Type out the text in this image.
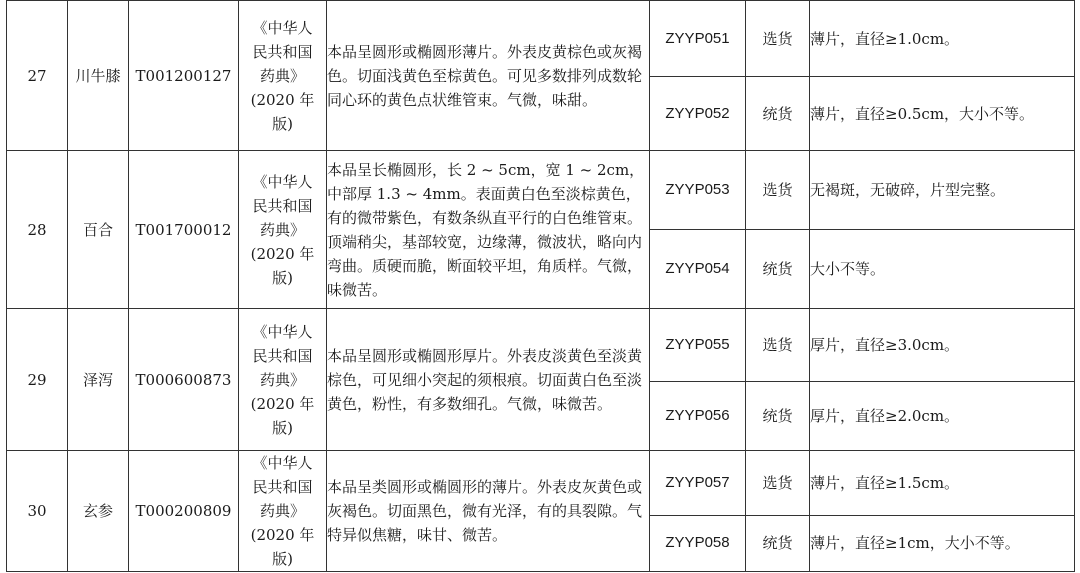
27	川牛膝	T001200127	《中华人
民共和国
药典》
(2020 年
版)	本品呈圆形或椭圆形薄片。外表皮黄棕色或灰褐色。切面浅黄色至棕黄色。可见多数排列成数轮同心环的黄色点状维管束。气微，味甜。	ZYYP051	选货	薄片，直径≥1.0cm。
					ZYYP052	统货	薄片，直径≥0.5cm，大小不等。
28	百合	T001700012	《中华人
民共和国
药典》
(2020 年
版)	本品呈长椭圆形，长 2 ~ 5cm，宽 1 ~ 2cm，中部厚 1.3 ~ 4mm。表面黄白色至淡棕黄色，有的微带紫色，有数条纵直平行的白色维管束。顶端稍尖，基部较宽，边缘薄，微波状，略向内弯曲。质硬而脆，断面较平坦，角质样。气微，味微苦。	ZYYP053	选货	无褐斑，无破碎，片型完整。
					ZYYP054	统货	大小不等。
29	泽泻	T000600873	《中华人
民共和国
药典》
(2020 年
版)	本品呈圆形或椭圆形厚片。外表皮淡黄色至淡黄棕色，可见细小突起的须根痕。切面黄白色至淡黄色，粉性，有多数细孔。气微，味微苦。	ZYYP055	选货	厚片，直径≥3.0cm。
					ZYYP056	统货	厚片，直径≥2.0cm。
30	玄参	T000200809	《中华人
民共和国
药典》
(2020 年
版)	本品呈类圆形或椭圆形的薄片。外表皮灰黄色或灰褐色。切面黑色，微有光泽，有的具裂隙。气特异似焦糖，味甘、微苦。	ZYYP057	选货	薄片，直径≥1.5cm。
					ZYYP058	统货	薄片，直径≥1cm，大小不等。
